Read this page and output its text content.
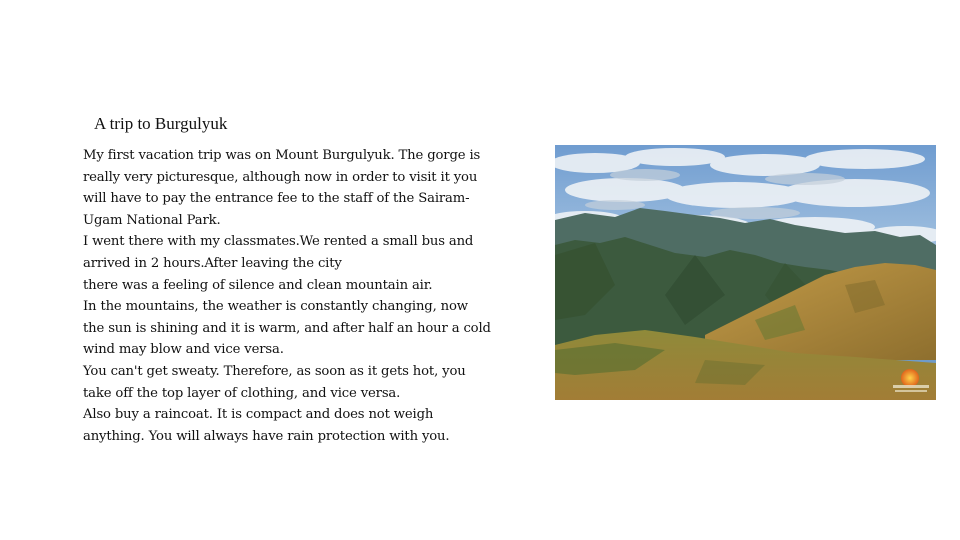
A trip to Burgulyuk
My first vacation trip was on Mount Burgulyuk. The gorge is
really very picturesque, although now in order to visit it you
will have to pay the entrance fee to the staff of the Sairam-
Ugam National Park.
I went there with my classmates.We rented a small bus and
arrived in 2 hours.After leaving the city
there was a feeling of silence and clean mountain air.
In the mountains, the weather is constantly changing, now
the sun is shining and it is warm, and after half an hour a cold
wind may blow and vice versa.
You can't get sweaty. Therefore, as soon as it gets hot, you
take off the top layer of clothing, and vice versa.
Also buy a raincoat. It is compact and does not weigh
anything. You will always have rain protection with you.
